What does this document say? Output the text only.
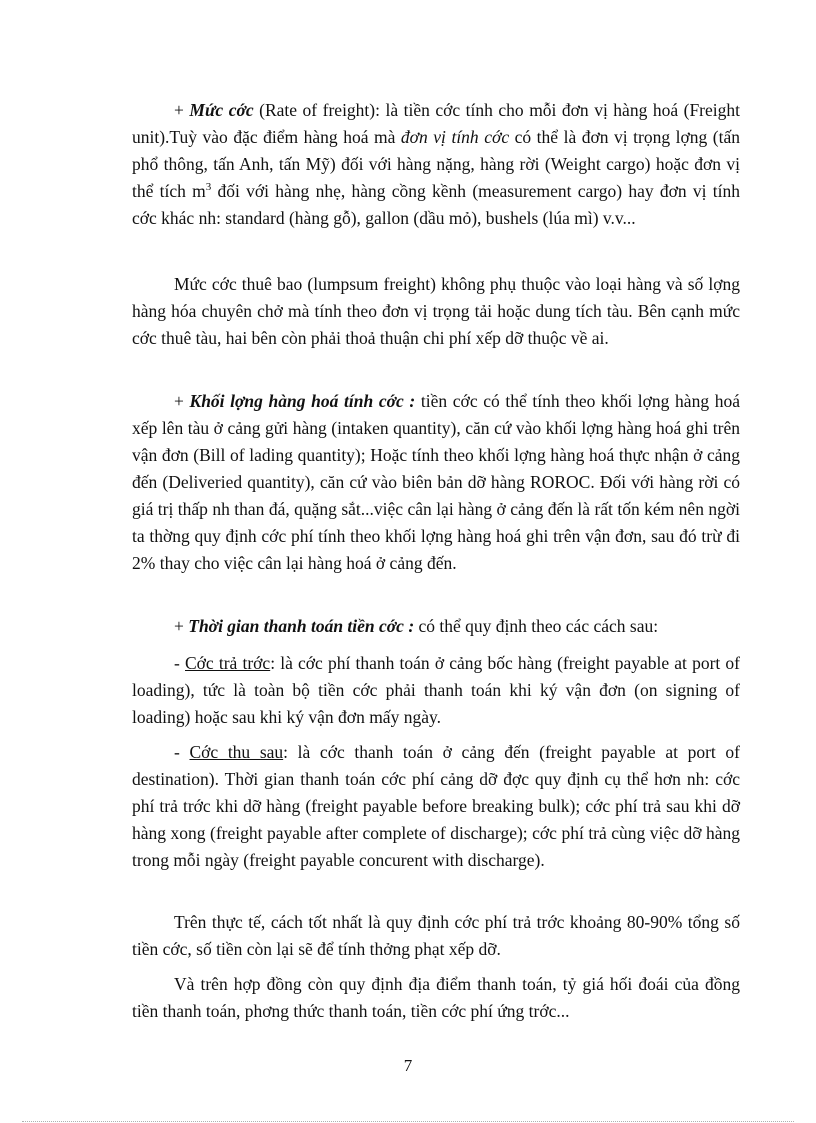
+ Mức cớc (Rate of freight): là tiền cớc tính cho mỗi đơn vị hàng hoá (Freight unit).Tuỳ vào đặc điểm hàng hoá mà đơn vị tính cớc có thể là đơn vị trọng lợng (tấn phổ thông, tấn Anh, tấn Mỹ) đối với hàng nặng, hàng rời (Weight cargo) hoặc đơn vị thể tích $m^3$ đối với hàng nhẹ, hàng cồng kềnh (measurement cargo) hay đơn vị tính cớc khác nh: standard (hàng gỗ), gallon (dầu mỏ), bushels (lúa mì) v.v...

Mức cớc thuê bao (lumpsum freight) không phụ thuộc vào loại hàng và số lợng hàng hóa chuyên chở mà tính theo đơn vị trọng tải hoặc dung tích tàu. Bên cạnh mức cớc thuê tàu, hai bên còn phải thoả thuận chi phí xếp dỡ thuộc về ai.

+ Khối lợng hàng hoá tính cớc : tiền cớc có thể tính theo khối lợng hàng hoá xếp lên tàu ở cảng gửi hàng (intaken quantity), căn cứ vào khối lợng hàng hoá ghi trên vận đơn (Bill of lading quantity); Hoặc tính theo khối lợng hàng hoá thực nhận ở cảng đến (Deliveried quantity), căn cứ vào biên bản dỡ hàng ROROC. Đối với hàng rời có giá trị thấp nh than đá, quặng sắt...việc cân lại hàng ở cảng đến là rất tốn kém nên ngời ta thờng quy định cớc phí tính theo khối lợng hàng hoá ghi trên vận đơn, sau đó trừ đi 2% thay cho việc cân lại hàng hoá ở cảng đến.

+ Thời gian thanh toán tiền cớc : có thể quy định theo các cách sau:

- Cớc trả trớc: là cớc phí thanh toán ở cảng bốc hàng (freight payable at port of loading), tức là toàn bộ tiền cớc phải thanh toán khi ký vận đơn (on signing of loading) hoặc sau khi ký vận đơn mấy ngày.

- Cớc thu sau: là cớc thanh toán ở cảng đến (freight payable at port of destination). Thời gian thanh toán cớc phí cảng dỡ đợc quy định cụ thể hơn nh: cớc phí trả trớc khi dỡ hàng (freight payable before breaking bulk); cớc phí trả sau khi dỡ hàng xong (freight payable after complete of discharge); cớc phí trả cùng việc dỡ hàng trong mỗi ngày (freight payable concurent with discharge).

Trên thực tế, cách tốt nhất là quy định cớc phí trả trớc khoảng 80-90% tổng số tiền cớc, số tiền còn lại sẽ để tính thởng phạt xếp dỡ.

Và trên hợp đồng còn quy định địa điểm thanh toán, tỷ giá hối đoái của đồng tiền thanh toán, phơng thức thanh toán, tiền cớc phí ứng trớc...

7
